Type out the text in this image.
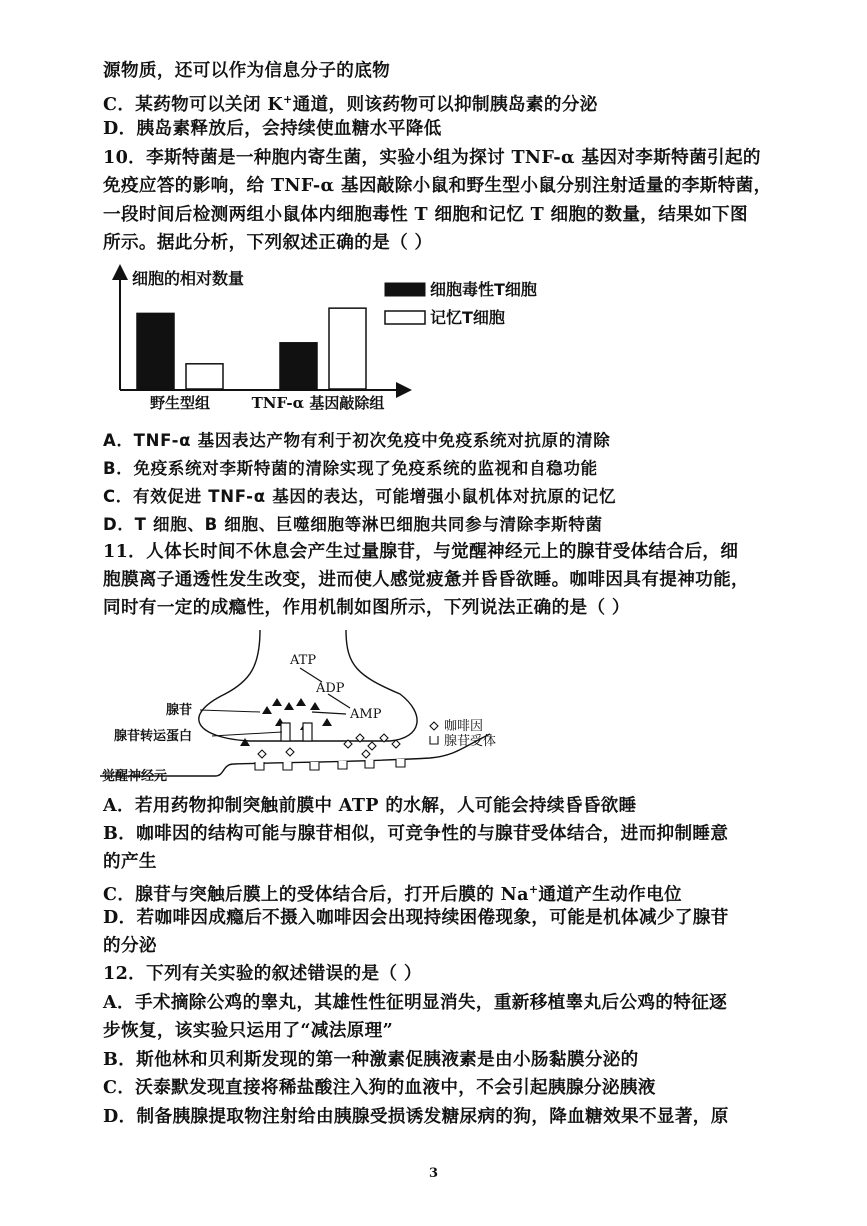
源物质，还可以作为信息分子的底物
C．某药物可以关闭 K+通道，则该药物可以抑制胰岛素的分泌
D．胰岛素释放后，会持续使血糖水平降低
10．李斯特菌是一种胞内寄生菌，实验小组为探讨 TNF-α 基因对李斯特菌引起的
免疫应答的影响，给 TNF-α 基因敲除小鼠和野生型小鼠分别注射适量的李斯特菌，
一段时间后检测两组小鼠体内细胞毒性 T 细胞和记忆 T 细胞的数量，结果如下图
所示。据此分析，下列叙述正确的是（ ）
细胞的相对数量
野生型组	TNF-α 基因敲除组
细胞毒性T细胞
记忆T细胞
A．TNF-α 基因表达产物有利于初次免疫中免疫系统对抗原的清除
B．免疫系统对李斯特菌的清除实现了免疫系统的监视和自稳功能
C．有效促进 TNF-α 基因的表达，可能增强小鼠机体对抗原的记忆
D．T 细胞、B 细胞、巨噬细胞等淋巴细胞共同参与清除李斯特菌
11．人体长时间不休息会产生过量腺苷，与觉醒神经元上的腺苷受体结合后，细
胞膜离子通透性发生改变，进而使人感觉疲惫并昏昏欲睡。咖啡因具有提神功能，
同时有一定的成瘾性，作用机制如图所示，下列说法正确的是（ ）
ATP
ADP
AMP
腺苷
腺苷转运蛋白
觉醒神经元
咖啡因
腺苷受体
A．若用药物抑制突触前膜中 ATP 的水解，人可能会持续昏昏欲睡
B．咖啡因的结构可能与腺苷相似，可竞争性的与腺苷受体结合，进而抑制睡意
的产生
C．腺苷与突触后膜上的受体结合后，打开后膜的 Na+通道产生动作电位
D．若咖啡因成瘾后不摄入咖啡因会出现持续困倦现象，可能是机体减少了腺苷
的分泌
12．下列有关实验的叙述错误的是（ ）
A．手术摘除公鸡的睾丸，其雄性性征明显消失，重新移植睾丸后公鸡的特征逐
步恢复，该实验只运用了“减法原理”
B．斯他林和贝利斯发现的第一种激素促胰液素是由小肠黏膜分泌的
C．沃泰默发现直接将稀盐酸注入狗的血液中，不会引起胰腺分泌胰液
D．制备胰腺提取物注射给由胰腺受损诱发糖尿病的狗，降血糖效果不显著，原
3
